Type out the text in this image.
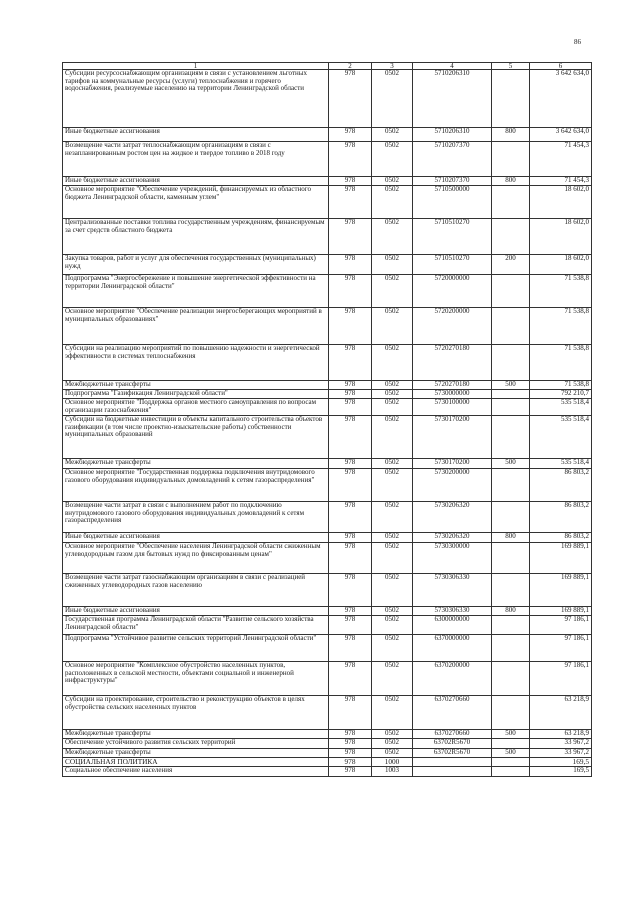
86
1	2	3	4	5	6
Субсидии ресурсоснабжающим организациям в связи с установлением льготных тарифов на коммунальные ресурсы (услуги) теплоснабжения и горячего водоснабжения, реализуемые населению на территории Ленинградской области	978	0502	5710206310		3 642 634,0
Иные бюджетные ассигнования	978	0502	5710206310	800	3 642 634,0
Возмещение части затрат теплоснабжающим организациям в связи с незапланированным ростом цен на жидкое и твердое топливо в 2018 году	978	0502	5710207370		71 454,3
Иные бюджетные ассигнования	978	0502	5710207370	800	71 454,3
Основное мероприятие "Обеспечение учреждений, финансируемых из областного бюджета Ленинградской области, каменным углем"	978	0502	5710500000		18 602,0
Централизованные поставки топлива государственным учреждениям, финансируемым за счет средств областного бюджета	978	0502	5710510270		18 602,0
Закупка товаров, работ и услуг для обеспечения государственных (муниципальных) нужд	978	0502	5710510270	200	18 602,0
Подпрограмма "Энергосбережение и повышение энергетической эффективности на территории Ленинградской области"	978	0502	5720000000		71 538,8
Основное мероприятие "Обеспечение реализации энергосберегающих мероприятий в муниципальных образованиях"	978	0502	5720200000		71 538,8
Субсидии на реализацию мероприятий по повышению надежности и энергетической эффективности в системах теплоснабжения	978	0502	5720270180		71 538,8
Межбюджетные трансферты	978	0502	5720270180	500	71 538,8
Подпрограмма "Газификация Ленинградской области"	978	0502	5730000000		792 210,7
Основное мероприятие "Поддержка органов местного самоуправления по вопросам организации газоснабжения"	978	0502	5730100000		535 518,4
Субсидии на бюджетные инвестиции в объекты капитального строительства объектов газификации (в том числе проектно-изыскательские работы) собственности муниципальных образований	978	0502	5730170200		535 518,4
Межбюджетные трансферты	978	0502	5730170200	500	535 518,4
Основное мероприятие "Государственная поддержка подключения внутридомового газового оборудования индивидуальных домовладений к сетям газораспределения"	978	0502	5730200000		86 803,2
Возмещение части затрат в связи с выполнением работ по подключению внутридомового газового оборудования индивидуальных домовладений к сетям газораспределения	978	0502	5730206320		86 803,2
Иные бюджетные ассигнования	978	0502	5730206320	800	86 803,2
Основное мероприятие "Обеспечение населения Ленинградской области сжиженным углеводородным газом для бытовых нужд по фиксированным ценам"	978	0502	5730300000		169 889,1
Возмещение части затрат газоснабжающим организациям в связи с реализацией сжиженных углеводородных газов населению	978	0502	5730306330		169 889,1
Иные бюджетные ассигнования	978	0502	5730306330	800	169 889,1
Государственная программа Ленинградской области "Развитие сельского хозяйства Ленинградской области"	978	0502	6300000000		97 186,1
Подпрограмма "Устойчивое развитие сельских территорий Ленинградской области"	978	0502	6370000000		97 186,1
Основное мероприятие "Комплексное обустройство населенных пунктов, расположенных в сельской местности, объектами социальной и инженерной инфраструктуры"	978	0502	6370200000		97 186,1
Субсидии на проектирование, строительство и реконструкцию объектов в целях обустройства сельских населенных пунктов	978	0502	6370270660		63 218,9
Межбюджетные трансферты	978	0502	6370270660	500	63 218,9
Обеспечение устойчивого развития сельских территорий	978	0502	63702R5670		33 967,2
Межбюджетные трансферты	978	0502	63702R5670	500	33 967,2
СОЦИАЛЬНАЯ ПОЛИТИКА	978	1000			169,5
Социальное обеспечение населения	978	1003			169,5
